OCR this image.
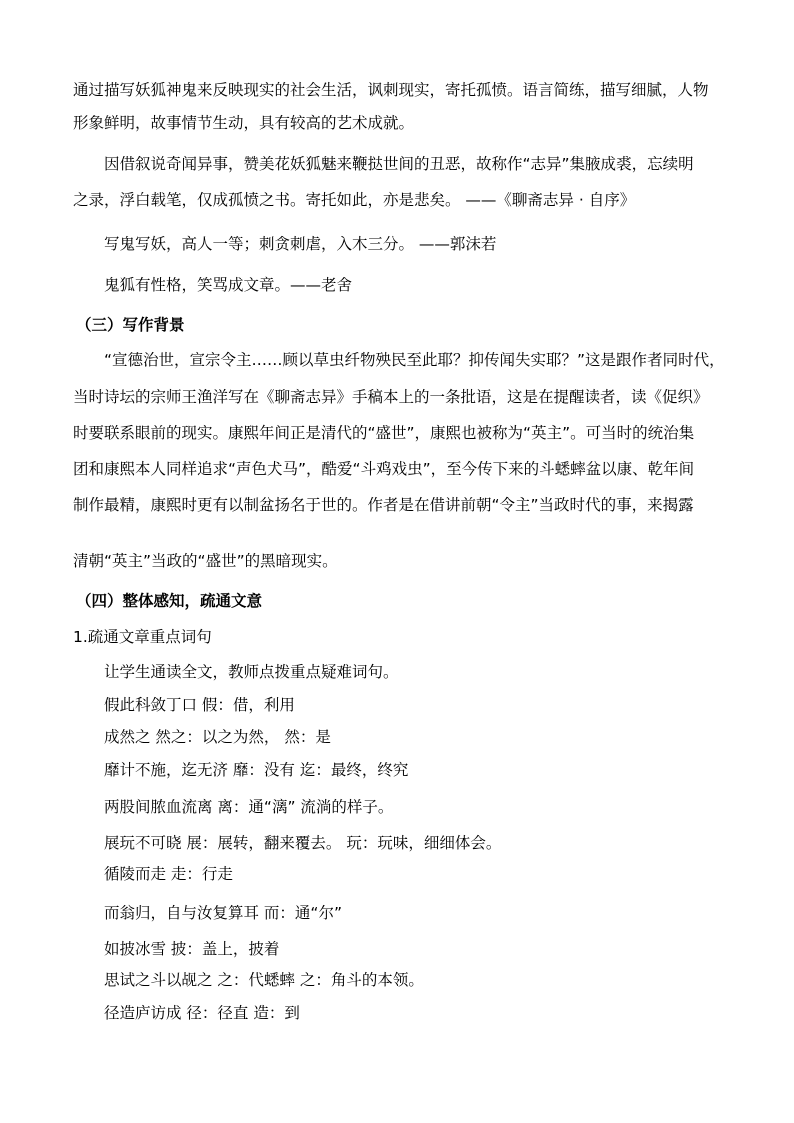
通过描写妖狐神鬼来反映现实的社会生活，讽刺现实，寄托孤愤。语言简练，描写细腻，人物
形象鲜明，故事情节生动，具有较高的艺术成就。
因借叙说奇闻异事，赞美花妖狐魅来鞭挞世间的丑恶，故称作“志异”集腋成裘，忘续明
之录，浮白载笔，仅成孤愤之书。寄托如此，亦是悲矣。 ——《聊斋志异 · 自序》
写鬼写妖，高人一等；刺贪刺虐，入木三分。 ——郭沫若
鬼狐有性格，笑骂成文章。——老舍
（三）写作背景
“宣德治世，宣宗令主……顾以草虫纤物殃民至此耶？抑传闻失实耶？”这是跟作者同时代，
当时诗坛的宗师王渔洋写在《聊斋志异》手稿本上的一条批语，这是在提醒读者，读《促织》
时要联系眼前的现实。康熙年间正是清代的“盛世”，康熙也被称为“英主”。可当时的统治集
团和康熙本人同样追求“声色犬马”，酷爱“斗鸡戏虫”，至今传下来的斗蟋蟀盆以康、乾年间
制作最精，康熙时更有以制盆扬名于世的。作者是在借讲前朝“令主”当政时代的事，来揭露
清朝“英主”当政的“盛世”的黑暗现实。
（四）整体感知，疏通文意
1.疏通文章重点词句
让学生通读全文，教师点拨重点疑难词句。
假此科敛丁口 假：借，利用
成然之 然之：以之为然， 然：是
靡计不施，迄无济 靡：没有 迄：最终，终究
两股间脓血流离 离：通“漓” 流淌的样子。
展玩不可晓 展：展转，翻来覆去。 玩：玩味，细细体会。
循陵而走 走：行走
而翁归，自与汝复算耳 而：通“尔”
如披冰雪 披：盖上，披着
思试之斗以觇之 之：代蟋蟀 之：角斗的本领。
径造庐访成 径：径直 造：到
